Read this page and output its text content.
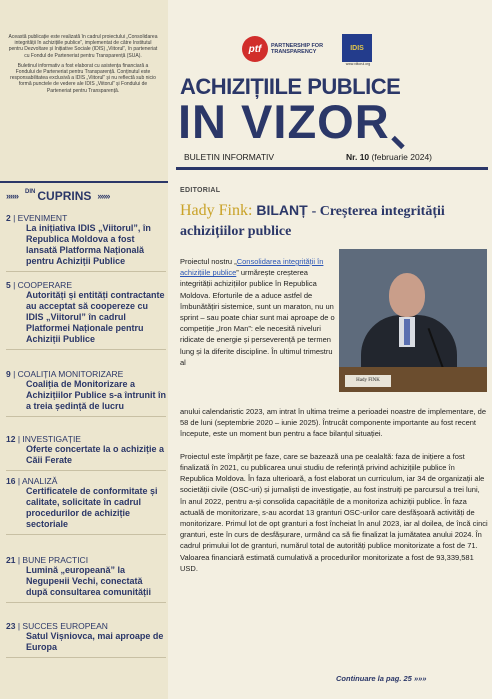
Această publicație este realizată în cadrul proiectului „Consolidarea integrității în achizițiile publice”, implementat de către Institutul pentru Dezvoltare și Inițiative Sociale (IDIS) „Viitorul”, în parteneriat cu Fondul de Parteneriat pentru Transparență (SUA).

Buletinul informativ a fost elaborat cu asistența financiară a Fondului de Parteneriat pentru Transparență. Conținutul este responsabilitatea exclusivă a IDIS „Viitorul” și nu reflectă sub nicio formă punctele de vedere ale IDIS „Viitorul” și Fondului de Parteneriat pentru Transparență.

»»» DIN CUPRINS »»»
2 | EVENIMENT
La inițiativa IDIS „Viitorul”, în Republica Moldova a fost lansată Platforma Națională pentru Achiziții Publice
5 | COOPERARE
Autorități și entități contractante au acceptat să coopereze cu IDIS „Viitorul” în cadrul Platformei Naționale pentru Achiziții Publice
9 | COALIȚIA MONITORIZARE
Coaliția de Monitorizare a Achizițiilor Publice s-a întrunit în a treia ședință de lucru
12 | INVESTIGAȚIE
Oferte concertate la o achiziție a Căii Ferate
16 | ANALIZĂ
Certificatele de conformitate și calitate, solicitate în cadrul procedurilor de achiziție sectoriale
21 | BUNE PRACTICI
Lumină „europeană” la Neguренii Vechi, conectată după consultarea comunității
23 | SUCCES EUROPEAN
Satul Vișniovca, mai aproape de Europa
ptf	PARTNERSHIP FOR
TRANSPARENCY
IDIS
www.viitorul.org
ACHIZIȚIILE PUBLICE
IN VIZOR
BULETIN INFORMATIV	Nr. 10 (februarie 2024)
EDITORIAL
Hady Fink: BILANȚ - Creșterea integrității achizițiilor publice
Hady FINK
Proiectul nostru „Consolidarea integrității în achizițiile publice” urmărește creșterea integrității achizițiilor publice în Republica Moldova. Eforturile de a aduce astfel de îmbunătățiri sistemice, sunt un maraton, nu un sprint – sau poate chiar sunt mai aproape de o competiție „Iron Man”: ele necesită niveluri ridicate de energie și perseverență pe termen lung și la diferite discipline. În ultimul trimestru al

anului calendaristic 2023, am intrat în ultima treime a perioadei noastre de implementare, de 58 de luni (septembrie 2020 – iunie 2025). Întrucât componente importante au fost recent începute, este un moment bun pentru a face bilanțul situației.

Proiectul este împărțit pe faze, care se bazează una pe cealaltă: faza de inițiere a fost finalizată în 2021, cu publicarea unui studiu de referință privind achizițiile publice în Republica Moldova. În faza ulterioară, a fost elaborat un curriculum, iar 34 de organizații ale societății civile (OSC-uri) și jurnaliști de investigație, au fost instruiți pe parcursul a trei luni, în anul 2022, pentru a-și consolida capacitățile de a monitoriza achiziții publice. În faza actuală de monitorizare, s-au acordat 13 granturi OSC-urilor care desfășoară activități de monitorizare. Primul lot de opt granturi a fost încheiat în anul 2023, iar al doilea, de încă cinci granturi, este în curs de desfășurare, urmând ca să fie finalizat la jumătatea anului 2024. În cadrul primului lot de granturi, numărul total de autorități publice monitorizate a fost de 71. Valoarea financiară estimată cumulativă a procedurilor monitorizate a fost de 93,339,581 USD.

Continuare la pag. 25 »»»
